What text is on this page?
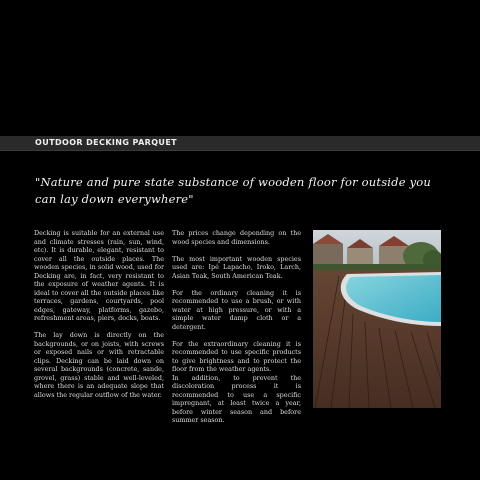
OUTDOOR DECKING PARQUET
"Nature and pure state substance of wooden floor for outside you can lay down everywhere"

Decking is suitable for an external use and climate stresses (rain, sun, wind, etc). It is durable, elegant, resistant to cover all the outside places. The wooden species, in solid wood, used for Decking are, in fact, very resistant to the exposure of weather agents. It is ideal to cover all the outside places like terraces, gardens, courtyards, pool edges, gateway, platforms, gazebo, refreshment areas, piers, docks, boats.

The lay down is directly on the backgrounds, or on joists, with screws or exposed nails or with retractable clips. Decking can be laid down on several backgrounds (concrete, sande, grovel, grass) stable and well-leveled, where there is an adequate slope that allows the regular outflow of the water.

The prices change depending on the wood species and dimensions.

The most important wooden species used are: Ipé Lapacho, Iroko, Larch, Asian Teak, South American Teak.

For the ordinary cleaning it is recommended to use a brush, or with water at high pressure, or with a simple water damp cloth or a detergent.

For the extraordinary cleaning it is recommended to use specific products to give brightness and to protect the floor from the weather agents.

In addition, to prevent the discoloration process it is recommended to use a specific impregnant, at least twice a year, before winter season and before summer season.
